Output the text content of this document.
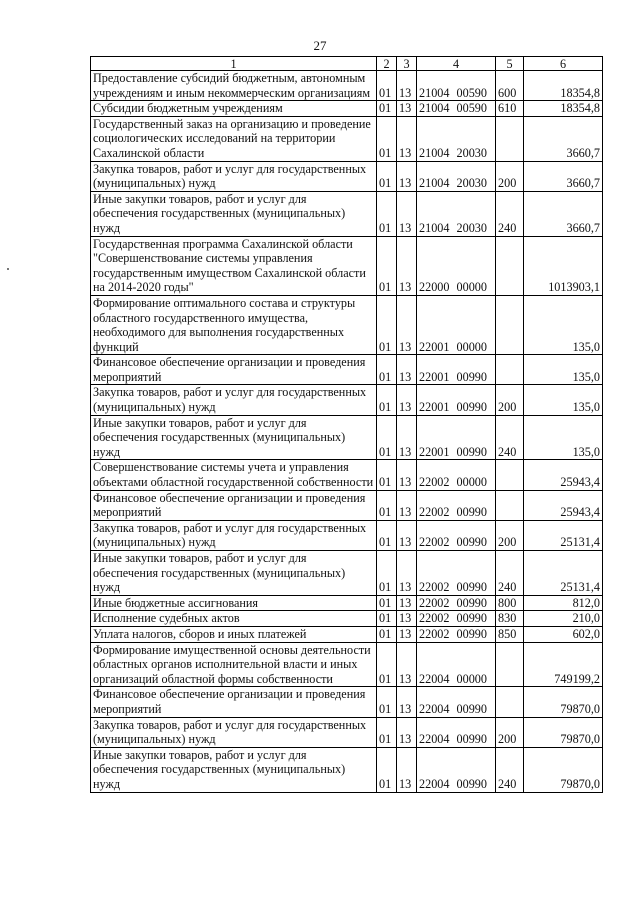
27
1	2	3	4	5	6
Предоставление субсидий бюджетным, автономным учреждениям и иным некоммерческим организациям	01	13	21004 00590	600	18354,8
Субсидии бюджетным учреждениям	01	13	21004 00590	610	18354,8
Государственный заказ на организацию и проведение социологических исследований на территории Сахалинской области	01	13	21004 20030		3660,7
Закупка товаров, работ и услуг для государственных (муниципальных) нужд	01	13	21004 20030	200	3660,7
Иные закупки товаров, работ и услуг для обеспечения государственных (муниципальных) нужд	01	13	21004 20030	240	3660,7
Государственная программа Сахалинской области "Совершенствование системы управления государственным имуществом Сахалинской области на 2014-2020 годы"	01	13	22000 00000		1013903,1
Формирование оптимального состава и структуры областного государственного имущества, необходимого для выполнения государственных функций	01	13	22001 00000		135,0
Финансовое обеспечение организации и проведения мероприятий	01	13	22001 00990		135,0
Закупка товаров, работ и услуг для государственных (муниципальных) нужд	01	13	22001 00990	200	135,0
Иные закупки товаров, работ и услуг для обеспечения государственных (муниципальных) нужд	01	13	22001 00990	240	135,0
Совершенствование системы учета и управления объектами областной государственной собственности	01	13	22002 00000		25943,4
Финансовое обеспечение организации и проведения мероприятий	01	13	22002 00990		25943,4
Закупка товаров, работ и услуг для государственных (муниципальных) нужд	01	13	22002 00990	200	25131,4
Иные закупки товаров, работ и услуг для обеспечения государственных (муниципальных) нужд	01	13	22002 00990	240	25131,4
Иные бюджетные ассигнования	01	13	22002 00990	800	812,0
Исполнение судебных актов	01	13	22002 00990	830	210,0
Уплата налогов, сборов и иных платежей	01	13	22002 00990	850	602,0
Формирование имущественной основы деятельности областных органов исполнительной власти и иных организаций областной формы собственности	01	13	22004 00000		749199,2
Финансовое обеспечение организации и проведения мероприятий	01	13	22004 00990		79870,0
Закупка товаров, работ и услуг для государственных (муниципальных) нужд	01	13	22004 00990	200	79870,0
Иные закупки товаров, работ и услуг для обеспечения государственных (муниципальных) нужд	01	13	22004 00990	240	79870,0
